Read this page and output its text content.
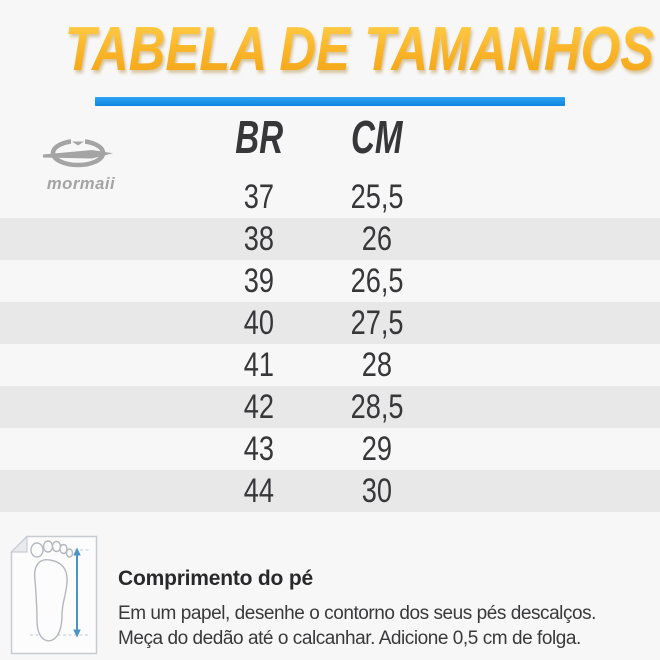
TABELA DE TAMANHOS
mormaii
BR	CM
37	25,5
38	26
39	26,5
40	27,5
41	28
42	28,5
43	29
44	30
Comprimento do pé
Em um papel, desenhe o contorno dos seus pés descalços.
Meça do dedão até o calcanhar. Adicione 0,5 cm de folga.
